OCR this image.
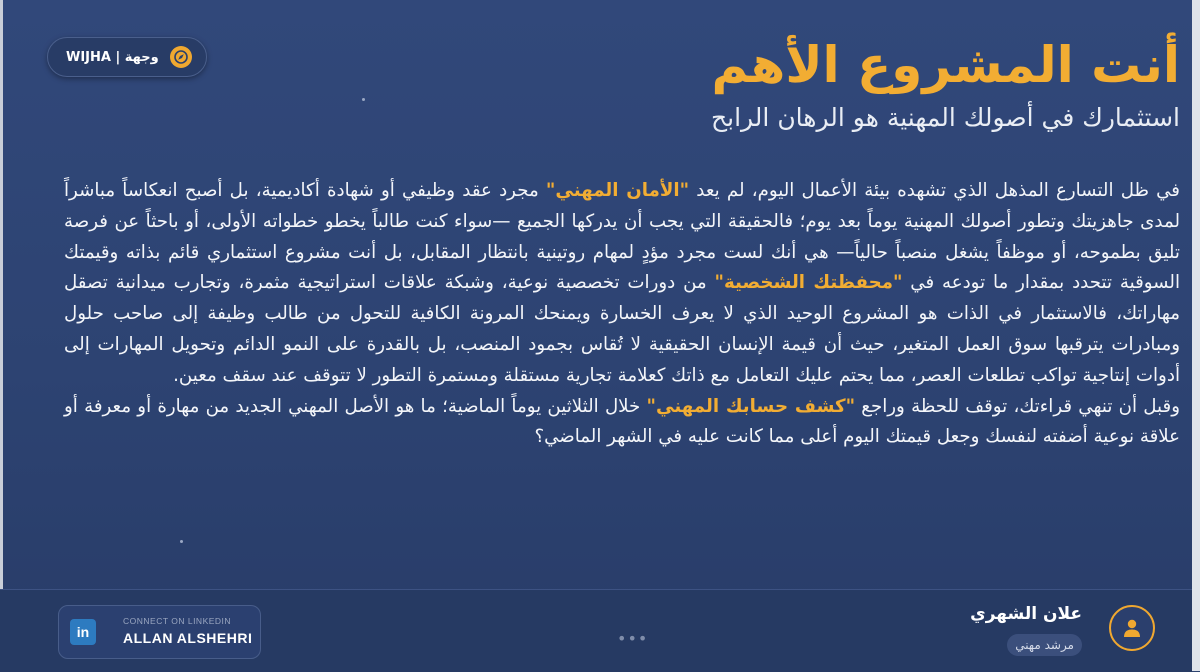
WIJHA | وجهة	أنت المشروع الأهم
استثمارك في أصولك المهنية هو الرهان الرابح

في ظل التسارع المذهل الذي تشهده بيئة الأعمال اليوم، لم يعد "الأمان المهني" مجرد عقد وظيفي أو شهادة أكاديمية، بل أصبح انعكاساً مباشراً لمدى جاهزيتك وتطور أصولك المهنية يوماً بعد يوم؛ فالحقيقة التي يجب أن يدركها الجميع —سواء كنت طالباً يخطو خطواته الأولى، أو باحثاً عن فرصة تليق بطموحه، أو موظفاً يشغل منصباً حالياً— هي أنك لست مجرد مؤدٍ لمهام روتينية بانتظار المقابل، بل أنت مشروع استثماري قائم بذاته وقيمتك السوقية تتحدد بمقدار ما تودعه في "محفظتك الشخصية" من دورات تخصصية نوعية، وشبكة علاقات استراتيجية مثمرة، وتجارب ميدانية تصقل مهاراتك، فالاستثمار في الذات هو المشروع الوحيد الذي لا يعرف الخسارة ويمنحك المرونة الكافية للتحول من طالب وظيفة إلى صاحب حلول ومبادرات يترقبها سوق العمل المتغير، حيث أن قيمة الإنسان الحقيقية لا تُقاس بجمود المنصب، بل بالقدرة على النمو الدائم وتحويل المهارات إلى أدوات إنتاجية تواكب تطلعات العصر، مما يحتم عليك التعامل مع ذاتك كعلامة تجارية مستقلة ومستمرة التطور لا تتوقف عند سقف معين.

وقبل أن تنهي قراءتك، توقف للحظة وراجع "كشف حسابك المهني" خلال الثلاثين يوماً الماضية؛ ما هو الأصل المهني الجديد من مهارة أو معرفة أو علاقة نوعية أضفته لنفسك وجعل قيمتك اليوم أعلى مما كانت عليه في الشهر الماضي؟

in
CONNECT ON LINKEDIN
ALLAN ALSHEHRI	•••
علان الشهري
مرشد مهني
